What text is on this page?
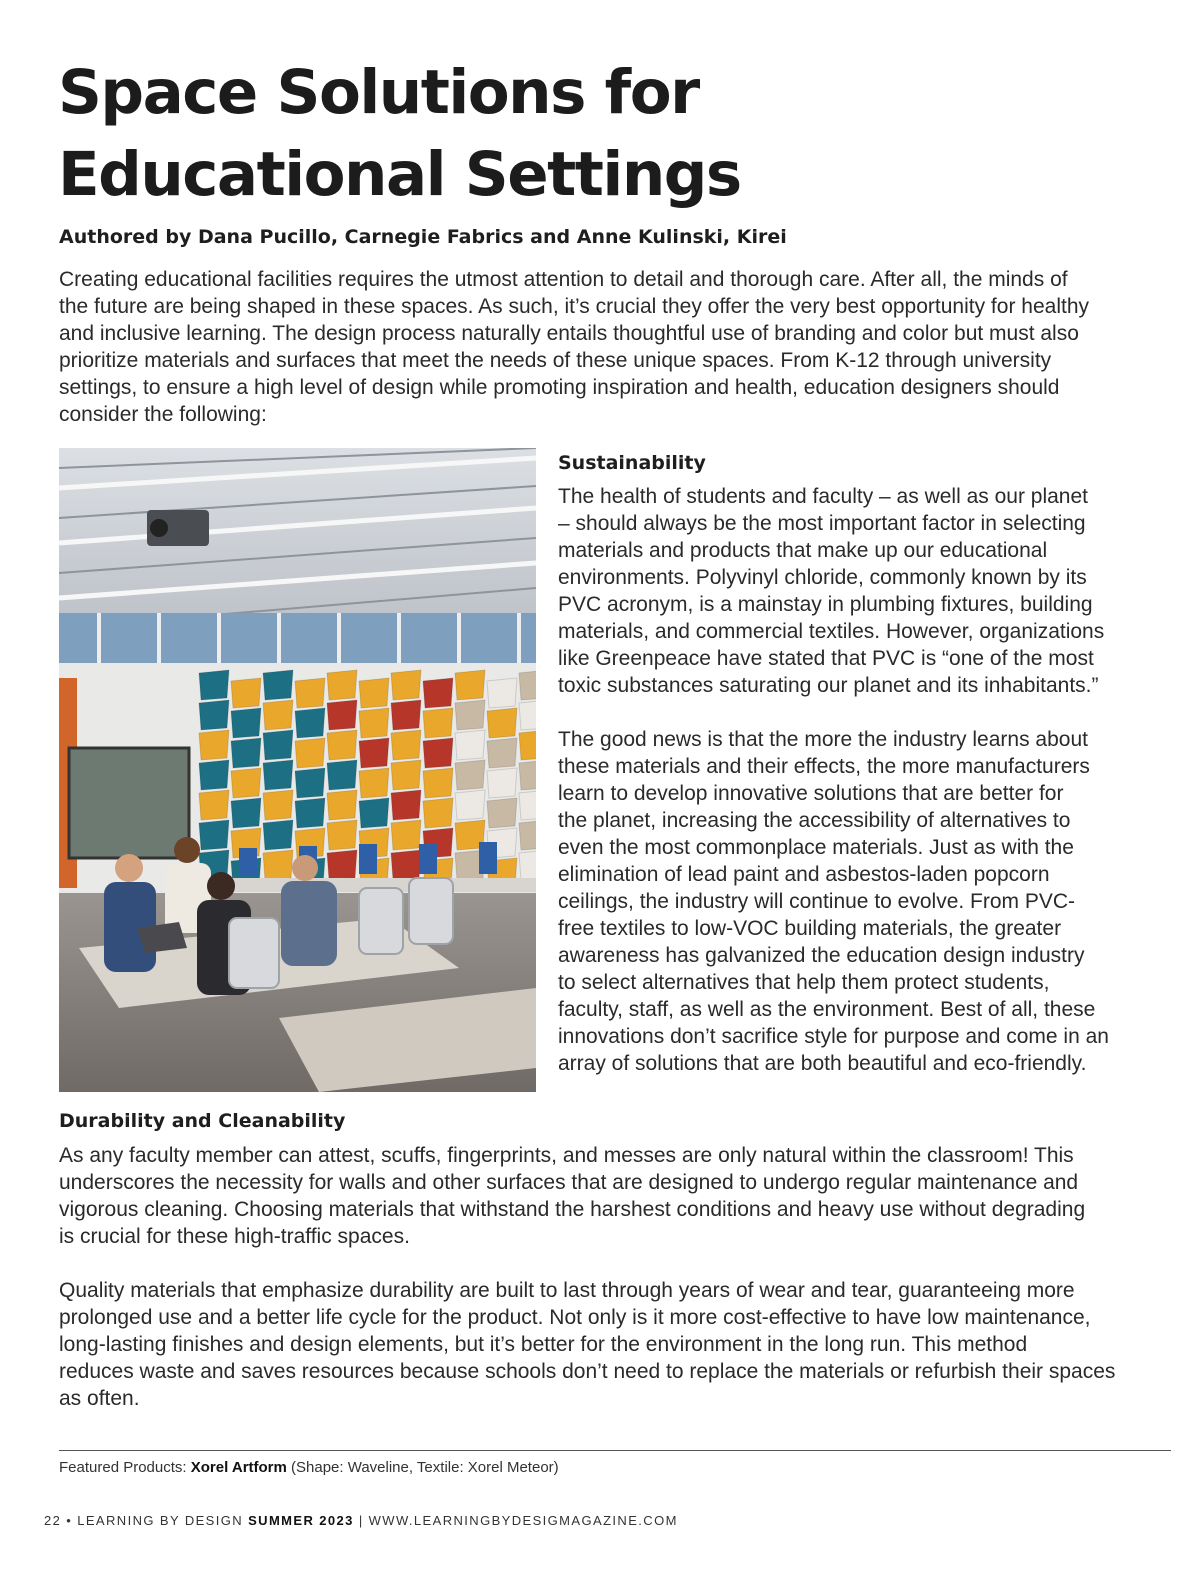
Space Solutions for
Educational Settings

Authored by Dana Pucillo, Carnegie Fabrics and Anne Kulinski, Kirei

Creating educational facilities requires the utmost attention to detail and thorough care. After all, the minds of
the future are being shaped in these spaces. As such, it’s crucial they offer the very best opportunity for healthy
and inclusive learning. The design process naturally entails thoughtful use of branding and color but must also
prioritize materials and surfaces that meet the needs of these unique spaces. From K-12 through university
settings, to ensure a high level of design while promoting inspiration and health, education designers should
consider the following:

Sustainability

The health of students and faculty – as well as our planet
– should always be the most important factor in selecting
materials and products that make up our educational
environments. Polyvinyl chloride, commonly known by its
PVC acronym, is a mainstay in plumbing fixtures, building
materials, and commercial textiles. However, organizations
like Greenpeace have stated that PVC is “one of the most
toxic substances saturating our planet and its inhabitants.”

The good news is that the more the industry learns about
these materials and their effects, the more manufacturers
learn to develop innovative solutions that are better for
the planet, increasing the accessibility of alternatives to
even the most commonplace materials. Just as with the
elimination of lead paint and asbestos-laden popcorn
ceilings, the industry will continue to evolve. From PVC-
free textiles to low-VOC building materials, the greater
awareness has galvanized the education design industry
to select alternatives that help them protect students,
faculty, staff, as well as the environment. Best of all, these
innovations don’t sacrifice style for purpose and come in an
array of solutions that are both beautiful and eco-friendly.

Durability and Cleanability

As any faculty member can attest, scuffs, fingerprints, and messes are only natural within the classroom! This
underscores the necessity for walls and other surfaces that are designed to undergo regular maintenance and
vigorous cleaning. Choosing materials that withstand the harshest conditions and heavy use without degrading
is crucial for these high-traffic spaces.

Quality materials that emphasize durability are built to last through years of wear and tear, guaranteeing more
prolonged use and a better life cycle for the product. Not only is it more cost-effective to have low maintenance,
long-lasting finishes and design elements, but it’s better for the environment in the long run. This method
reduces waste and saves resources because schools don’t need to replace the materials or refurbish their spaces
as often.

Featured Products: Xorel Artform (Shape: Waveline, Textile: Xorel Meteor)

22 • LEARNING BY DESIGN SUMMER 2023 | WWW.LEARNINGBYDESIGMAGAZINE.COM
